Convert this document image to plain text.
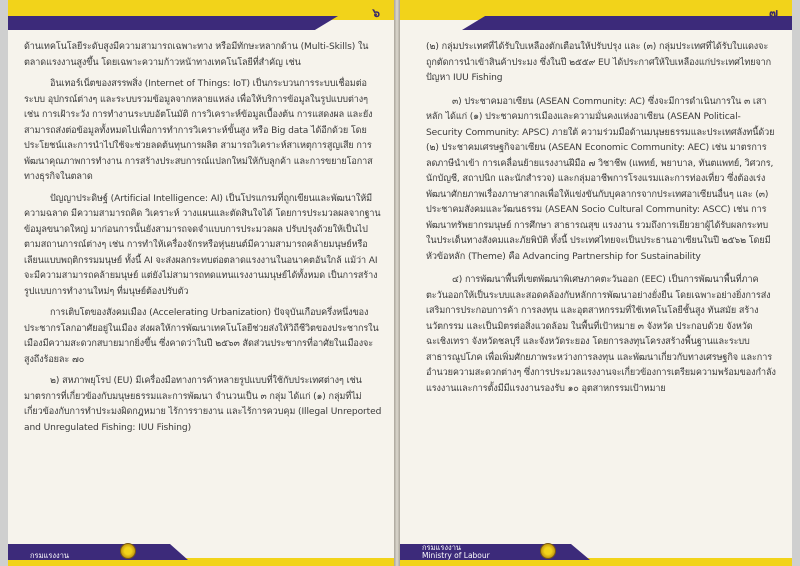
๖

ด้านเทคโนโลยีระดับสูงมีความสามารถเฉพาะทาง หรือมีทักษะหลากด้าน (Multi-Skills) ในตลาดแรงงานสูงขึ้น โดยเฉพาะความก้าวหน้าทางเทคโนโลยีที่สำคัญ เช่น

อินเทอร์เน็ตของสรรพสิ่ง (Internet of Things: IoT) เป็นกระบวนการระบบเชื่อมต่อระบบ อุปกรณ์ต่างๆ และระบบรวมข้อมูลจากหลายแหล่ง เพื่อให้บริการข้อมูลในรูปแบบต่างๆ เช่น การเฝ้าระวัง การทำงานระบบอัตโนมัติ การวิเคราะห์ข้อมูลเบื้องต้น การแสดงผล และยังสามารถส่งต่อข้อมูลทั้งหมดไปเพื่อการทำการวิเคราะห์ขั้นสูง หรือ Big data ได้อีกด้วย โดยประโยชน์และการนำไปใช้จะช่วยลดต้นทุนการผลิต สามารถวิเคราะห์สาเหตุการสูญเสีย การพัฒนาคุณภาพการทำงาน การสร้างประสบการณ์แปลกใหม่ให้กับลูกค้า และการขยายโอกาสทางธุรกิจในตลาด

ปัญญาประดิษฐ์ (Artificial Intelligence: AI) เป็นโปรแกรมที่ถูกเขียนและพัฒนาให้มีความฉลาด มีความสามารถคิด วิเคราะห์ วางแผนและตัดสินใจได้ โดยการประมวลผลจากฐานข้อมูลขนาดใหญ่ มาก่อนการนั้นยังสามารถจดจำแบบการประมวลผล ปรับปรุงด้วยให้เป็นไปตามสถานการณ์ต่างๆ เช่น การทำให้เครื่องจักรหรือหุ่นยนต์มีความสามารถคล้ายมนุษย์หรือเลียนแบบพฤติกรรมมนุษย์ ทั้งนี้ AI จะส่งผลกระทบต่อตลาดแรงงานในอนาคตอันใกล้ แม้ว่า AI จะมีความสามารถคล้ายมนุษย์ แต่ยังไม่สามารถทดแทนแรงงานมนุษย์ได้ทั้งหมด เป็นการสร้างรูปแบบการทำงานใหม่ๆ ที่มนุษย์ต้องปรับตัว

การเติบโตของสังคมเมือง (Accelerating Urbanization) ปัจจุบันเกือบครึ่งหนึ่งของประชากรโลกอาศัยอยู่ในเมือง ส่งผลให้การพัฒนาเทคโนโลยีช่วยส่งให้วิถีชีวิตของประชากรในเมืองมีความสะดวกสบายมากยิ่งขึ้น ซึ่งคาดว่าในปี ๒๕๖๓ สัดส่วนประชากรที่อาศัยในเมืองจะสูงถึงร้อยละ ๗๐

๒) สหภาพยุโรป (EU) มีเครื่องมือทางการค้าหลายรูปแบบที่ใช้กับประเทศต่างๆ เช่นมาตรการที่เกี่ยวข้องกับมนุษยธรรมและการพัฒนา จำนวนเป็น ๓ กลุ่ม ได้แก่ (๑) กลุ่มที่ไม่เกี่ยวข้องกับการทำประมงผิดกฎหมาย ไร้การรายงาน และไร้การควบคุม (Illegal Unreported and Unregulated Fishing: IUU Fishing)

กรมแรงงาน
๗

(๒) กลุ่มประเทศที่ได้รับใบเหลืองตักเตือนให้ปรับปรุง และ (๓) กลุ่มประเทศที่ได้รับใบแดงจะถูกตัดการนำเข้าสินค้าประมง ซึ่งในปี ๒๕๕๙ EU ได้ประกาศให้ใบเหลืองแก่ประเทศไทยจากปัญหา IUU Fishing

๓) ประชาคมอาเซียน (ASEAN Community: AC) ซึ่งจะมีการดำเนินการใน ๓ เสาหลัก ได้แก่ (๑) ประชาคมการเมืองและความมั่นคงแห่งอาเซียน (ASEAN Political-Security Community: APSC) ภายใต้ ความร่วมมือด้านมนุษยธรรมและประเทศลังทนี้ด้วย (๒) ประชาคมเศรษฐกิจอาเซียน (ASEAN Economic Community: AEC) เช่น มาตรการลดภาษีนำเข้า การเคลื่อนย้ายแรงงานฝีมือ ๗ วิชาชีพ (แพทย์, พยาบาล, ทันตแพทย์, วิศวกร, นักบัญชี, สถาปนิก และนักสำรวจ) และกลุ่มอาชีพการโรงแรมและการท่องเที่ยว ซึ่งต้องเร่งพัฒนาศักยภาพเรื่องภาษาสากลเพื่อให้แข่งขันกับบุคลากรจากประเทศอาเซียนอื่นๆ และ (๓) ประชาคมสังคมและวัฒนธรรม (ASEAN Socio Cultural Community: ASCC) เช่น การพัฒนาทรัพยากรมนุษย์ การศึกษา สาธารณสุข แรงงาน รวมถึงการเยียวยาผู้ได้รับผลกระทบในประเด็นทางสังคมและภัยพิบัติ ทั้งนี้ ประเทศไทยจะเป็นประธานอาเซียนในปี ๒๕๖๒ โดยมีหัวข้อหลัก (Theme) คือ Advancing Partnership for Sustainability

๔) การพัฒนาพื้นที่เขตพัฒนาพิเศษภาคตะวันออก (EEC) เป็นการพัฒนาพื้นที่ภาคตะวันออกให้เป็นระบบและสอดคล้องกับหลักการพัฒนาอย่างยั่งยืน โดยเฉพาะอย่างยิ่งการส่งเสริมการประกอบการค้า การลงทุน และอุตสาหกรรมที่ใช้เทคโนโลยีชั้นสูง ทันสมัย สร้างนวัตกรรม และเป็นมิตรต่อสิ่งแวดล้อม ในพื้นที่เป้าหมาย ๓ จังหวัด ประกอบด้วย จังหวัดฉะเชิงเทรา จังหวัดชลบุรี และจังหวัดระยอง โดยการลงทุนโครงสร้างพื้นฐานและระบบสาธารณูปโภค เพื่อเพิ่มศักยภาพระหว่างการลงทุน และพัฒนาเกี่ยวกับทางเศรษฐกิจ และการอำนวยความสะดวกต่างๆ ซึ่งการประมวลแรงงานจะเกี่ยวข้องการเตรียมความพร้อมของกำลังแรงงานและการตั้งมีมีแรงงานรองรับ ๑๐ อุตสาหกรรมเป้าหมาย

กรมแรงงาน
Ministry of Labour
